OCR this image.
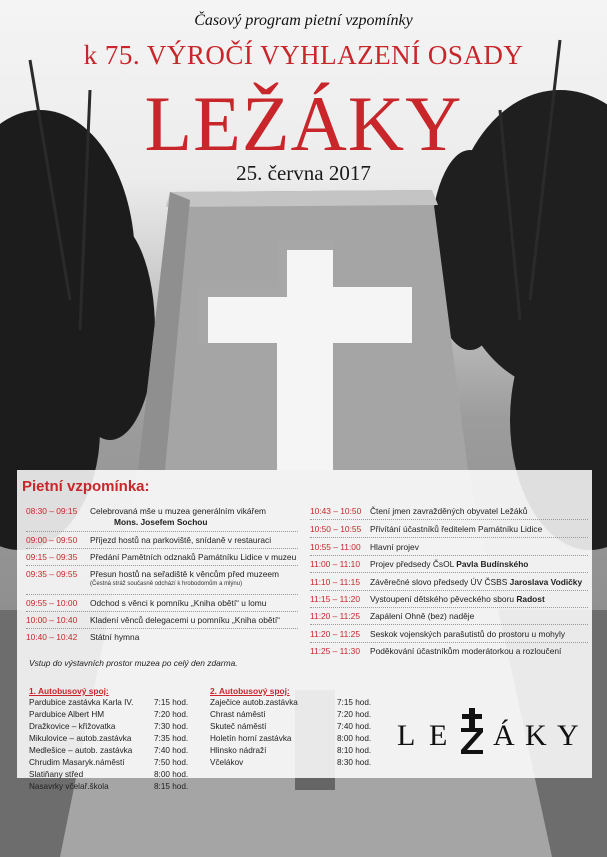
Časový program pietní vzpomínky
k 75. VÝROČÍ VYHLAZENÍ OSADY
LEŽÁKY
25. června 2017
Pietní vzpomínka:
08:30 – 09:15 Celebrovaná mše u muzea generálním vikářem
Mons. Josefem Sochou
09:00 – 09:50 Příjezd hostů na parkoviště, snídaně v restauraci
09:15 – 09:35 Předání Pamětních odznaků Památníku Lidice v muzeu
09:35 – 09:55 Přesun hostů na seřadiště k věncům před muzeem
(Čestná stráž současně odchází k hrobodomům a mlýnu)
09:55 – 10:00 Odchod s věnci k pomníku „Kniha obětí“ u lomu
10:00 – 10:40 Kladení věnců delegacemi u pomníku „Kniha obětí“
10:40 – 10:42 Státní hymna
10:43 – 10:50 Čtení jmen zavražděných obyvatel Ležáků
10:50 – 10:55 Přivítání účastníků ředitelem Památníku Lidice
10:55 – 11:00 Hlavní projev
11:00 – 11:10 Projev předsedy ČsOL Pavla Budínského
11:10 – 11:15 Závěrečné slovo předsedy ÚV ČSBS Jaroslava Vodičky
11:15 – 11:20 Vystoupení dětského pěveckého sboru Radost
11:20 – 11:25 Zapálení Ohně (bez) naděje
11:20 – 11:25 Seskok vojenských parašutistů do prostoru u mohyly
11:25 – 11:30 Poděkování účastníkům moderátorkou a rozloučení
Vstup do výstavních prostor muzea po celý den zdarma.
1. Autobusový spoj:
Pardubice zastávka Karla IV.	7:15 hod.
Pardubice Albert HM	7:20 hod.
Dražkovice – křižovatka	7:30 hod.
Mikulovice – autob.zastávka	7:35 hod.
Medlešice – autob. zastávka	7:40 hod.
Chrudim Masaryk.náměstí	7:50 hod.
Slatiňany střed	8:00 hod.
Nasavrky včelař.škola	8:15 hod.
2. Autobusový spoj:
Zaječice autob.zastávka	7:15 hod.
Chrast náměstí	7:20 hod.
Skuteč náměstí	7:40 hod.
Holetín horní zastávka	8:00 hod.
Hlinsko nádraží	8:10 hod.
Včelákov	8:30 hod.
L E Á K Y
